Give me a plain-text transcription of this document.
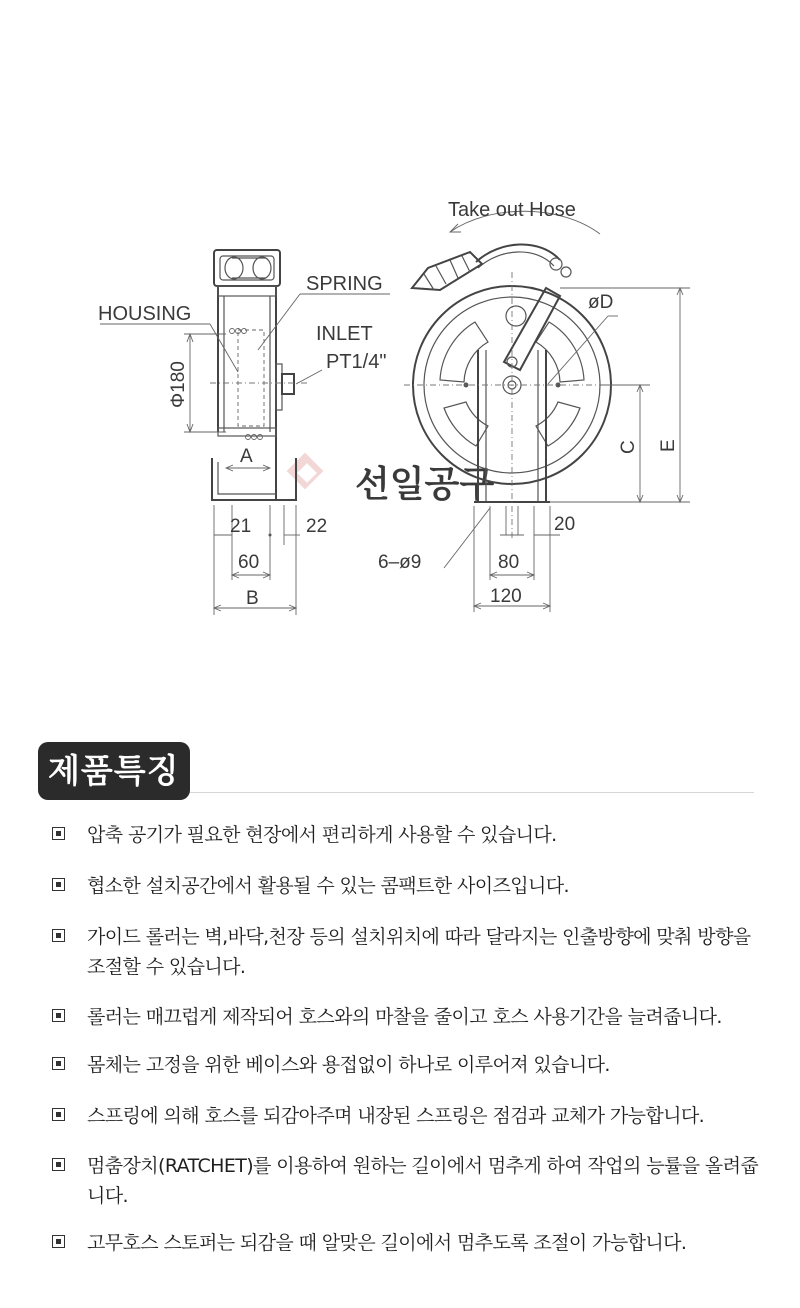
선일공구
Take out Hose
HOUSING
SPRING
INLET
PT1/4"
Φ180
A
21	22
60
B
øD
C E
20
6–ø9	80
120
제품특징
압축 공기가 필요한 현장에서 편리하게 사용할 수 있습니다.
협소한 설치공간에서 활용될 수 있는 콤팩트한 사이즈입니다.
가이드 롤러는 벽,바닥,천장 등의 설치위치에 따라 달라지는 인출방향에 맞춰 방향을 조절할 수 있습니다.
롤러는 매끄럽게 제작되어 호스와의 마찰을 줄이고 호스 사용기간을 늘려줍니다.
몸체는 고정을 위한 베이스와 용접없이 하나로 이루어져 있습니다.
스프링에 의해 호스를 되감아주며 내장된 스프링은 점검과 교체가 가능합니다.
멈춤장치(RATCHET)를 이용하여 원하는 길이에서 멈추게 하여 작업의 능률을 올려줍니다.
고무호스 스토퍼는 되감을 때 알맞은 길이에서 멈추도록 조절이 가능합니다.
